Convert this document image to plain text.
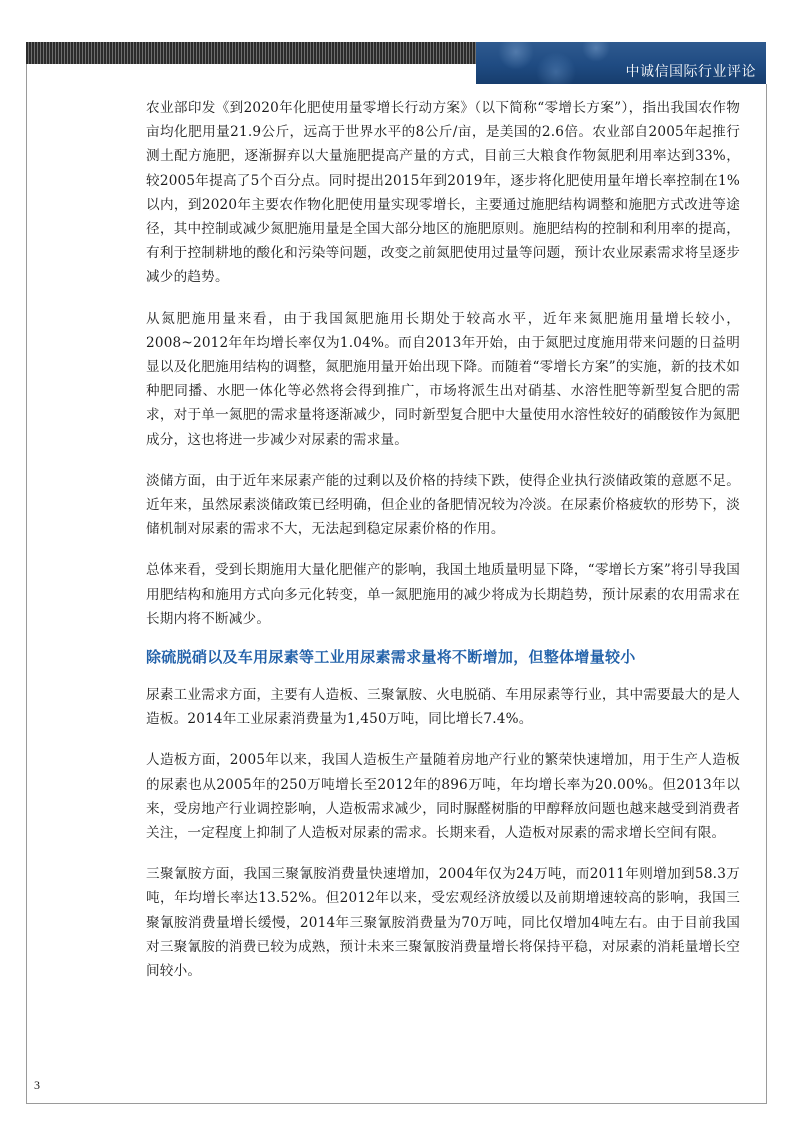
中诚信国际行业评论

农业部印发《到2020年化肥使用量零增长行动方案》（以下简称“零增长方案”），指出我国农作物亩均化肥用量21.9公斤，远高于世界水平的8公斤/亩，是美国的2.6倍。农业部自2005年起推行测土配方施肥，逐渐摒弃以大量施肥提高产量的方式，目前三大粮食作物氮肥利用率达到33%，较2005年提高了5个百分点。同时提出2015年到2019年，逐步将化肥使用量年增长率控制在1%以内，到2020年主要农作物化肥使用量实现零增长，主要通过施肥结构调整和施肥方式改进等途径，其中控制或减少氮肥施用量是全国大部分地区的施肥原则。施肥结构的控制和利用率的提高，有利于控制耕地的酸化和污染等问题，改变之前氮肥使用过量等问题，预计农业尿素需求将呈逐步减少的趋势。

从氮肥施用量来看，由于我国氮肥施用长期处于较高水平，近年来氮肥施用量增长较小，2008~2012年年均增长率仅为1.04%。而自2013年开始，由于氮肥过度施用带来问题的日益明显以及化肥施用结构的调整，氮肥施用量开始出现下降。而随着“零增长方案”的实施，新的技术如种肥同播、水肥一体化等必然将会得到推广，市场将派生出对硝基、水溶性肥等新型复合肥的需求，对于单一氮肥的需求量将逐渐减少，同时新型复合肥中大量使用水溶性较好的硝酸铵作为氮肥成分，这也将进一步减少对尿素的需求量。

淡储方面，由于近年来尿素产能的过剩以及价格的持续下跌，使得企业执行淡储政策的意愿不足。近年来，虽然尿素淡储政策已经明确，但企业的备肥情况较为冷淡。在尿素价格疲软的形势下，淡储机制对尿素的需求不大，无法起到稳定尿素价格的作用。

总体来看，受到长期施用大量化肥催产的影响，我国土地质量明显下降，“零增长方案”将引导我国用肥结构和施用方式向多元化转变，单一氮肥施用的减少将成为长期趋势，预计尿素的农用需求在长期内将不断减少。

除硫脱硝以及车用尿素等工业用尿素需求量将不断增加，但整体增量较小

尿素工业需求方面，主要有人造板、三聚氰胺、火电脱硝、车用尿素等行业，其中需要最大的是人造板。2014年工业尿素消费量为1,450万吨，同比增长7.4%。

人造板方面，2005年以来，我国人造板生产量随着房地产行业的繁荣快速增加，用于生产人造板的尿素也从2005年的250万吨增长至2012年的896万吨，年均增长率为20.00%。但2013年以来，受房地产行业调控影响，人造板需求减少，同时脲醛树脂的甲醇释放问题也越来越受到消费者关注，一定程度上抑制了人造板对尿素的需求。长期来看，人造板对尿素的需求增长空间有限。

三聚氰胺方面，我国三聚氰胺消费量快速增加，2004年仅为24万吨，而2011年则增加到58.3万吨，年均增长率达13.52%。但2012年以来，受宏观经济放缓以及前期增速较高的影响，我国三聚氰胺消费量增长缓慢，2014年三聚氰胺消费量为70万吨，同比仅增加4吨左右。由于目前我国对三聚氰胺的消费已较为成熟，预计未来三聚氰胺消费量增长将保持平稳，对尿素的消耗量增长空间较小。

3
